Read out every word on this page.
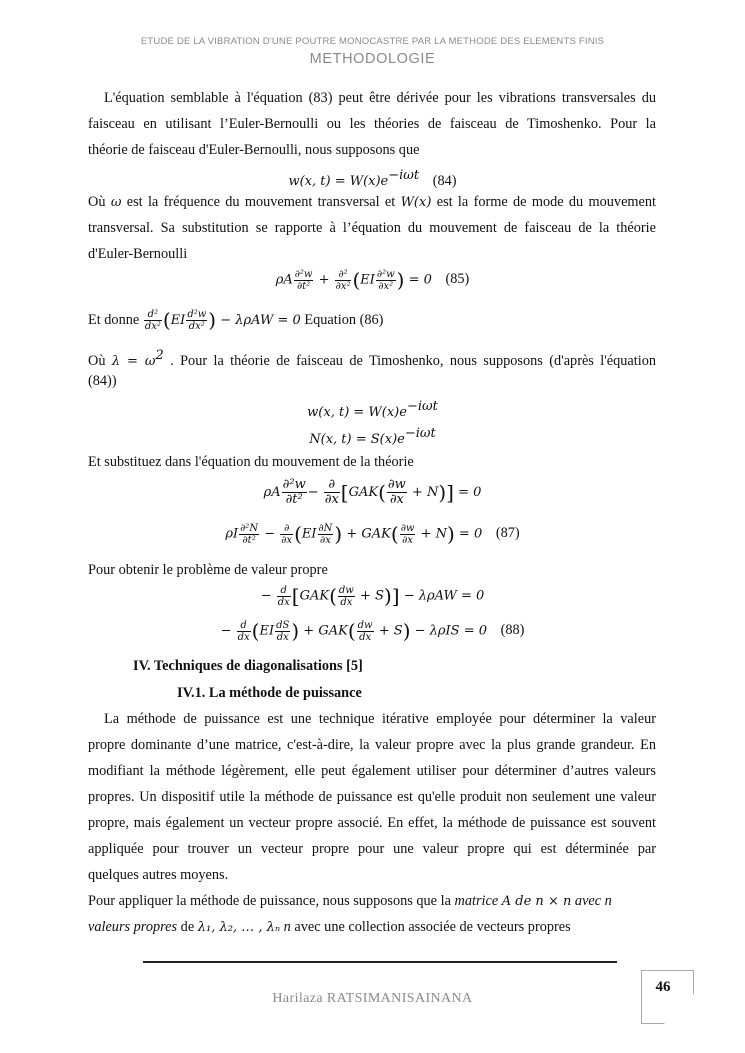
ETUDE DE LA VIBRATION D'UNE POUTRE MONOCASTRE PAR LA METHODE DES ELEMENTS FINIS
METHODOLOGIE
L'équation semblable à l'équation (83) peut être dérivée pour les vibrations transversales du
faisceau en utilisant l’Euler-Bernoulli ou les théories de faisceau de Timoshenko. Pour la
théorie de faisceau d'Euler-Bernoulli, nous supposons que
w(x, $t) = W(x)e^{-i\omega t}$ (84)
Où ω est la fréquence du mouvement transversal et W(x) est la forme de mode du mouvement
transversal. Sa substitution se rapporte à l’équation du mouvement de faisceau de la théorie
d'Euler-Bernoulli
ρA $\frac{\text{∂²w}}{\text{∂t²}} + \frac{\text{∂²}}{\text{∂x²}} (EI \frac{\text{∂²w}}{\text{∂x²}}$ ) = 0 (85)
Et donne $\frac{\text{d²}}{\text{dx²}} (EI \frac{\text{d²w}}{\text{dx²}}$ ) − λρAW = 0 Equation (86)
Où $\lambda = \omega^2$ . Pour la théorie de faisceau de Timoshenko, nous supposons (d'après l'équation
(84))
w(x, $t) = W(x)e^{-i\omega t}$
N(x, $t) = S(x)e^{-i\omega t}$
Et substituez dans l'équation du mouvement de la théorie
ρA $\frac{\text{∂²w}}{\text{∂t²}} - \frac{\partial}{\partial x} [GAK( \frac{\partial w}{\partial x} + N)] = 0$
ρI $\frac{\text{∂²N}}{\text{∂t²}} - \frac{\partial}{\partial x} (EI \frac{\partial N}{\partial x}$ ) + $GAK( \frac{\partial w}{\partial x} + N) = 0$ (87)
Pour obtenir le problème de valeur propre
− $\frac{d}{dx} [GAK( \frac{dw}{dx} + S)] - \lambda\rho AW = 0$
− $\frac{d}{dx} (EI \frac{dS}{dx}$ ) + $GAK( \frac{dw}{dx} + S) - \lambda\rho IS = 0$ (88)
IV. Techniques de diagonalisations [5]
IV.1. La méthode de puissance
La méthode de puissance est une technique itérative employée pour déterminer la valeur
propre dominante d’une matrice, c'est-à-dire, la valeur propre avec la plus grande grandeur. En
modifiant la méthode légèrement, elle peut également utiliser pour déterminer d’autres valeurs
propres. Un dispositif utile la méthode de puissance est qu'elle produit non seulement une valeur
propre, mais également un vecteur propre associé. En effet, la méthode de puissance est souvent
appliquée pour trouver un vecteur propre pour une valeur propre qui est déterminée par
quelques autres moyens.
Pour appliquer la méthode de puissance, nous supposons que la matrice A de n × n avec n
valeurs propres de λ₁, λ₂, … , λₙ n avec une collection associée de vecteurs propres
Harilaza RATSIMANISAINANA
46
